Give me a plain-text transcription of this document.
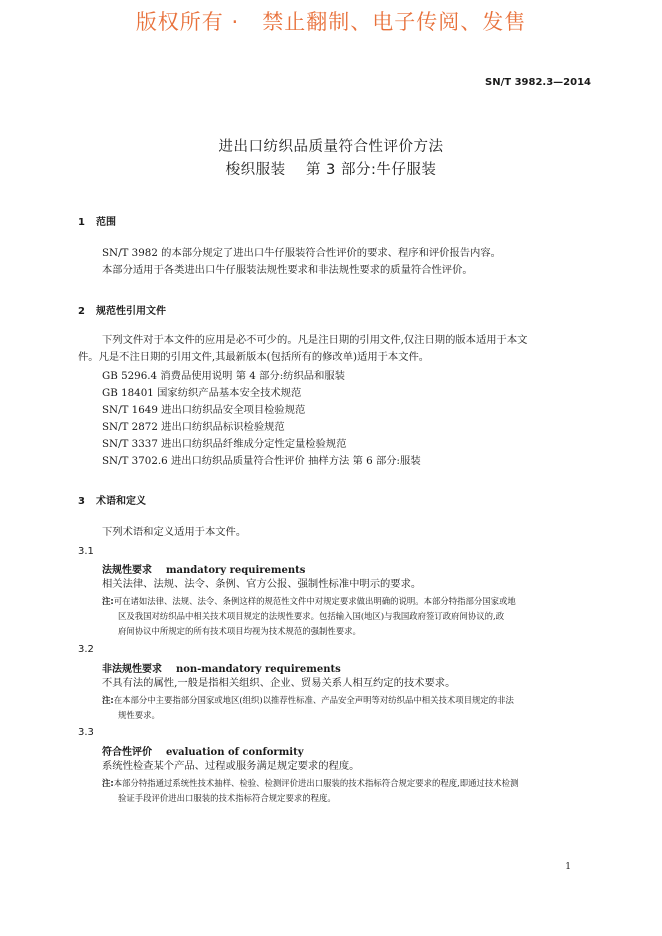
版权所有 ·   禁止翻制、电子传阅、发售
SN/T 3982.3—2014
进出口纺织品质量符合性评价方法
梭织服装    第 3 部分:牛仔服装
1 范围
SN/T 3982 的本部分规定了进出口牛仔服装符合性评价的要求、程序和评价报告内容。
本部分适用于各类进出口牛仔服装法规性要求和非法规性要求的质量符合性评价。
2 规范性引用文件
下列文件对于本文件的应用是必不可少的。凡是注日期的引用文件,仅注日期的版本适用于本文
件。凡是不注日期的引用文件,其最新版本(包括所有的修改单)适用于本文件。
GB 5296.4 消费品使用说明 第 4 部分:纺织品和服装
GB 18401 国家纺织产品基本安全技术规范
SN/T 1649 进出口纺织品安全项目检验规范
SN/T 2872 进出口纺织品标识检验规范
SN/T 3337 进出口纺织品纤维成分定性定量检验规范
SN/T 3702.6 进出口纺织品质量符合性评价 抽样方法 第 6 部分:服装
3 术语和定义
下列术语和定义适用于本文件。
3.1
法规性要求 mandatory requirements
相关法律、法规、法令、条例、官方公报、强制性标准中明示的要求。
注:可在诸如法律、法规、法令、条例这样的规范性文件中对规定要求做出明确的说明。本部分特指部分国家或地
区及我国对纺织品中相关技术项目规定的法规性要求。包括输入国(地区)与我国政府签订政府间协议的,政
府间协议中所规定的所有技术项目均视为技术规范的强制性要求。
3.2
非法规性要求 non-mandatory requirements
不具有法的属性,一般是指相关组织、企业、贸易关系人相互约定的技术要求。
注:在本部分中主要指部分国家或地区(组织)以推荐性标准、产品安全声明等对纺织品中相关技术项目规定的非法
规性要求。
3.3
符合性评价 evaluation of conformity
系统性检查某个产品、过程或服务满足规定要求的程度。
注:本部分特指通过系统性技术抽样、检验、检测评价进出口服装的技术指标符合规定要求的程度,即通过技术检测
验证手段评价进出口服装的技术指标符合规定要求的程度。
1
